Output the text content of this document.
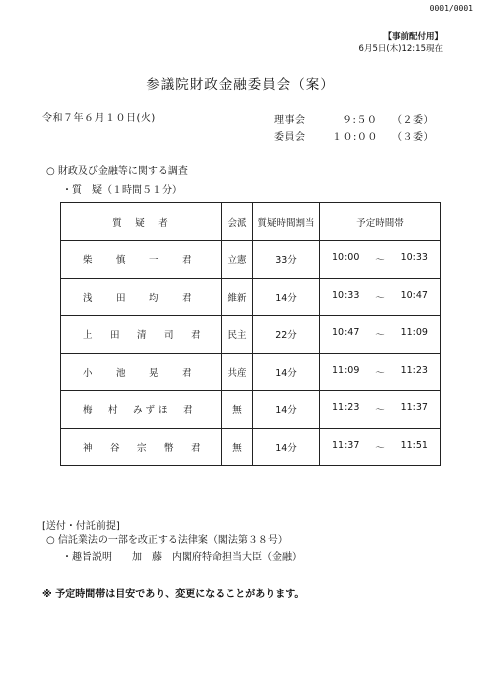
0001/0001
【事前配付用】
6月5日(木)12:15現在
参議院財政金融委員会（案）
令和７年６月１０日(火)	理事会	９:５０ （２委）
委員会	１０:００ （３委）
○ 財政及び金融等に関する調査
・質　疑（１時間５１分）
質　疑　者	会派	質疑時間割当	予定時間帯
柴　慎　一　君	立憲	33分	10:00 〜 10:33

浅　田　均　君	維新	14分	10:33 〜 10:47

上　田　清　司　君	民主	22分	10:47 〜 11:09

小　池　晃　君	共産	14分	11:09 〜 11:23

梅　村　みずほ　君	無	14分	11:23 〜 11:37

神　谷　宗　幣　君	無	14分	11:37 〜 11:51
[送付・付託前提]
○ 信託業法の一部を改正する法律案（閣法第３８号）
・趣旨説明　　加　藤　内閣府特命担当大臣（金融）
※ 予定時間帯は目安であり、変更になることがあります。
